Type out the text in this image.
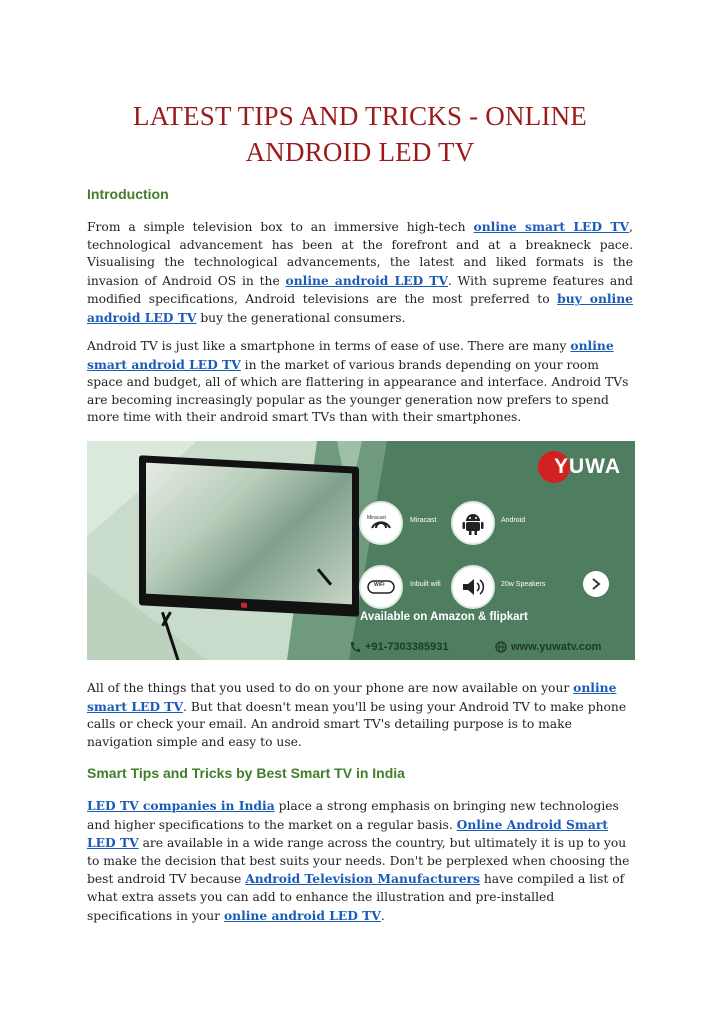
LATEST TIPS AND TRICKS - ONLINE ANDROID LED TV
Introduction

From a simple television box to an immersive high-tech online smart LED TV, technological advancement has been at the forefront and at a breakneck pace. Visualising the technological advancements, the latest and liked formats is the invasion of Android OS in the online android LED TV. With supreme features and modified specifications, Android televisions are the most preferred to buy online android LED TV buy the generational consumers.

Android TV is just like a smartphone in terms of ease of use. There are many online smart android LED TV in the market of various brands depending on your room space and budget, all of which are flattering in appearance and interface. Android TVs are becoming increasingly popular as the younger generation now prefers to spend more time with their android smart TVs than with their smartphones.

YUWA
Miracast	Miracast	Android
WiFi	Inbuilt wifi	20w Speakers
Available on Amazon & flipkart
+91-7303385931	www.yuwatv.com

All of the things that you used to do on your phone are now available on your online smart LED TV. But that doesn't mean you'll be using your Android TV to make phone calls or check your email. An android smart TV's detailing purpose is to make navigation simple and easy to use.

Smart Tips and Tricks by Best Smart TV in India

LED TV companies in India place a strong emphasis on bringing new technologies and higher specifications to the market on a regular basis. Online Android Smart LED TV are available in a wide range across the country, but ultimately it is up to you to make the decision that best suits your needs. Don't be perplexed when choosing the best android TV because Android Television Manufacturers have compiled a list of what extra assets you can add to enhance the illustration and pre-installed specifications in your online android LED TV.
